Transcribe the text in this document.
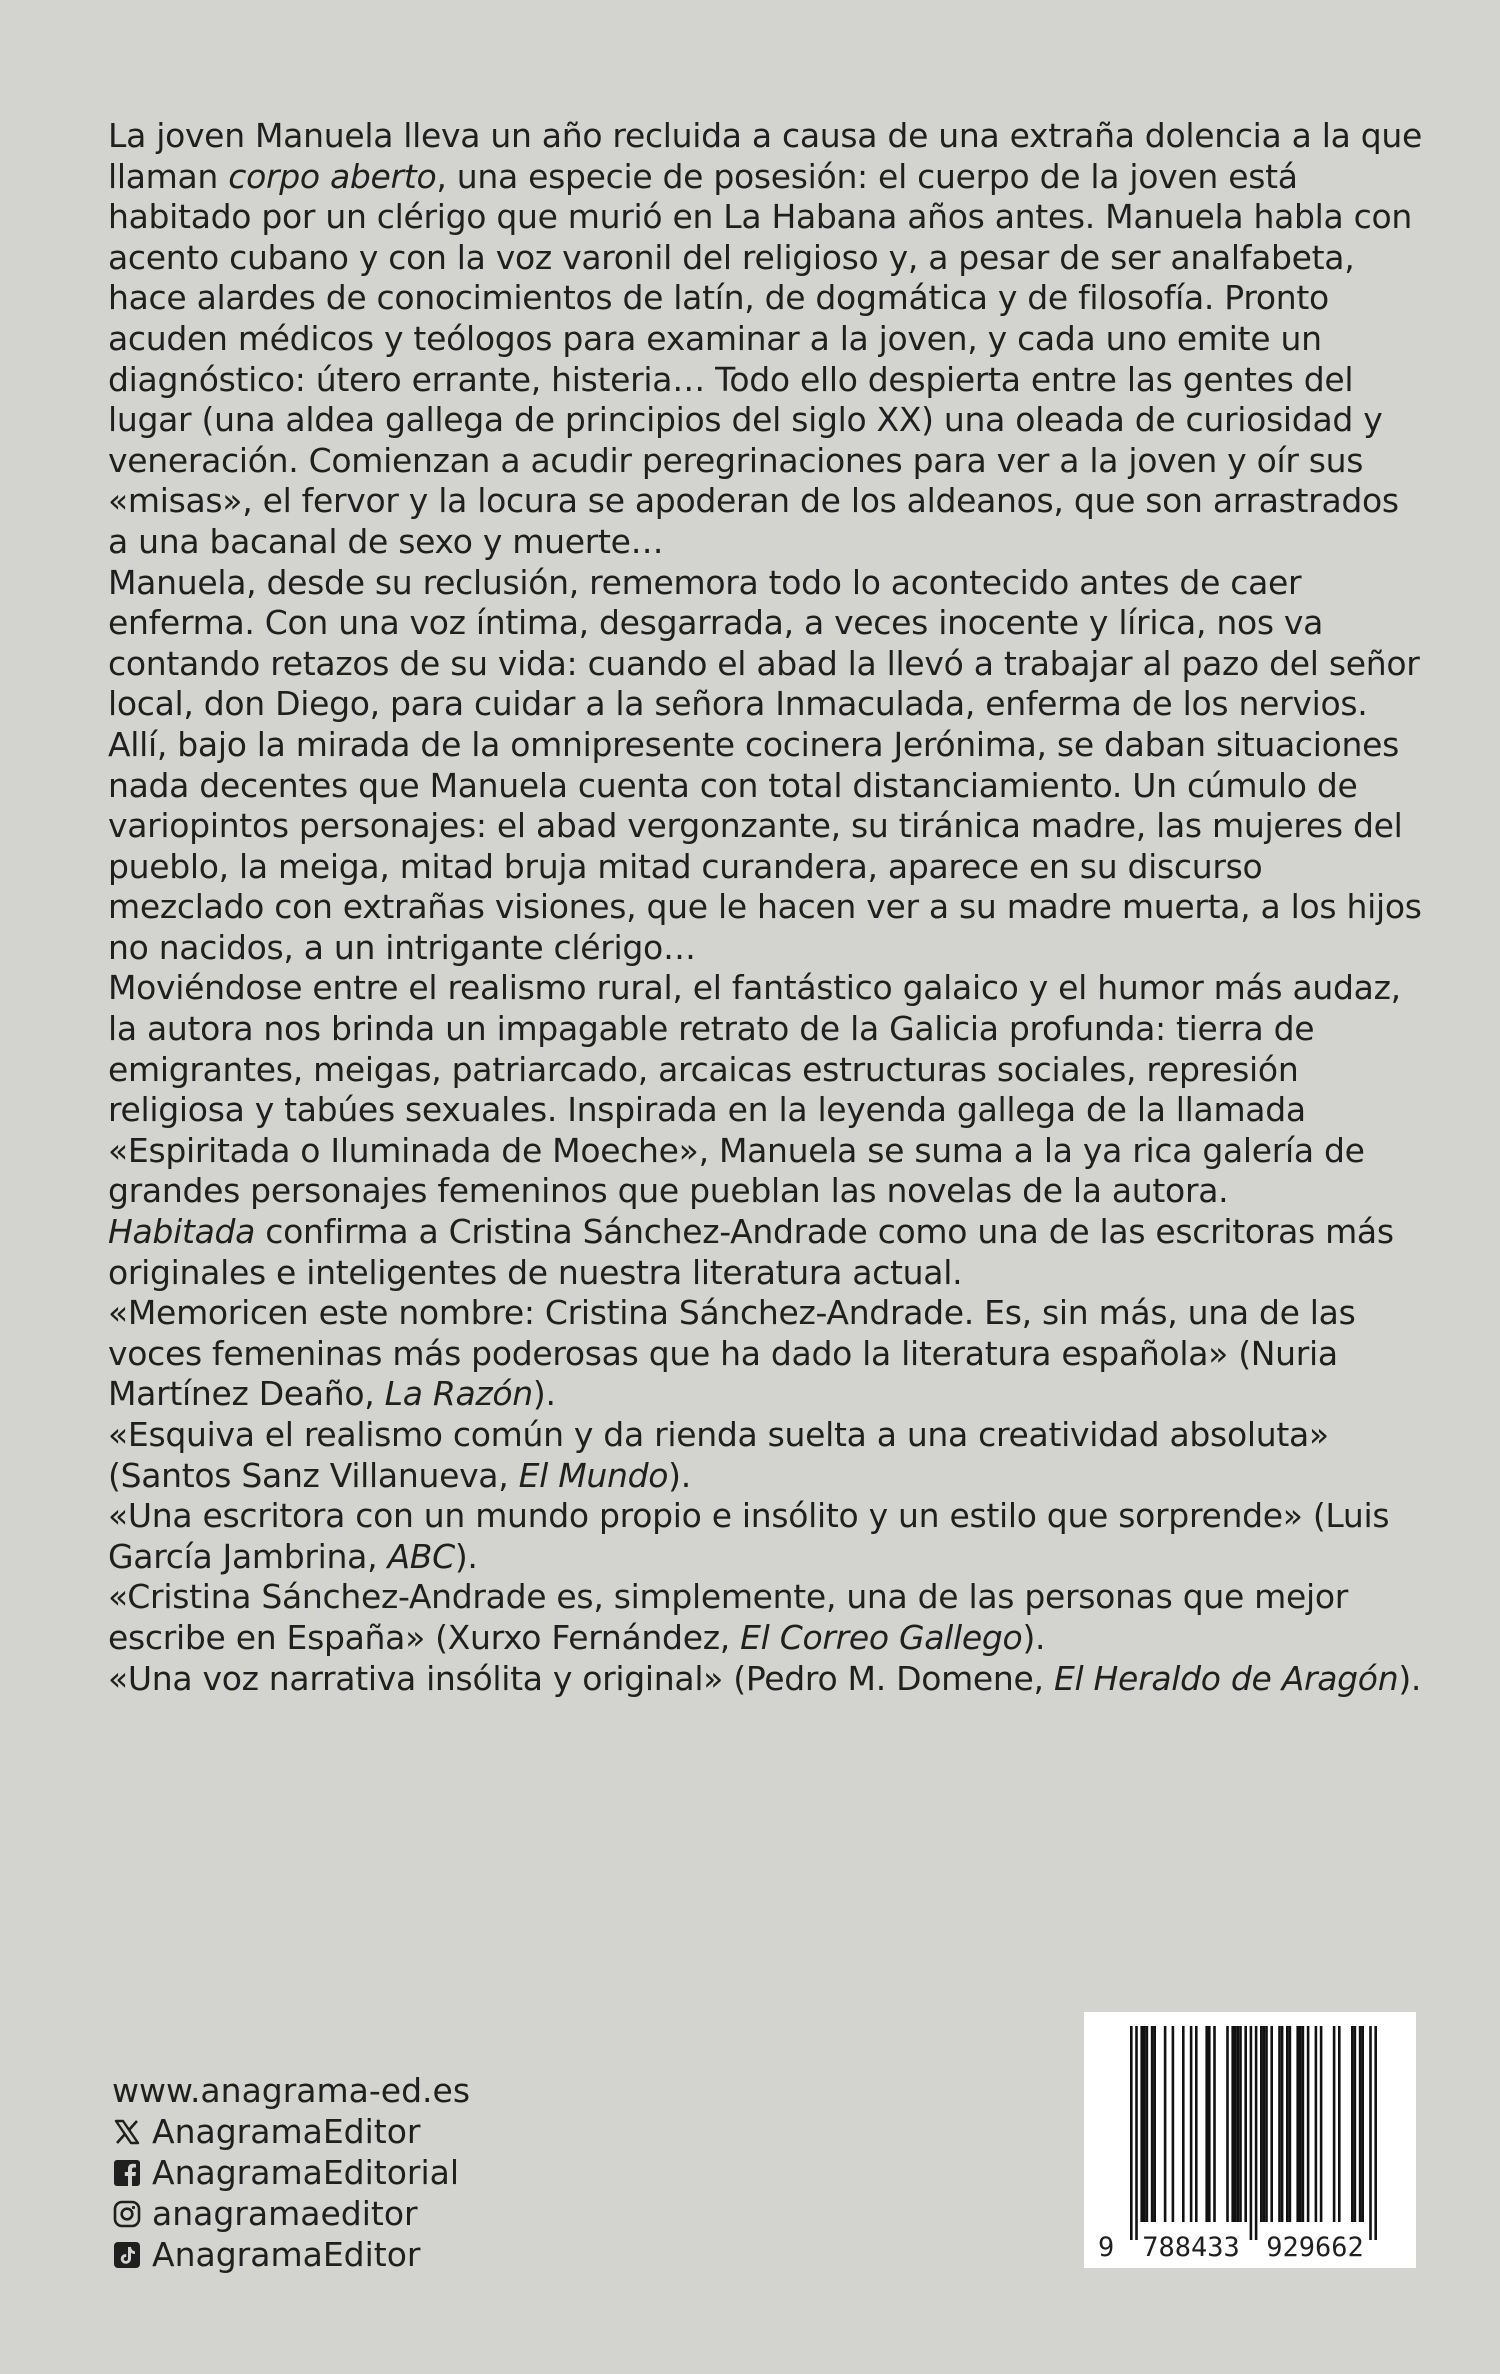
La joven Manuela lleva un año recluida a causa de una extraña dolencia a la que llaman corpo aberto, una especie de posesión: el cuerpo de la joven está habitado por un clérigo que murió en La Habana años antes. Manuela habla con acento cubano y con la voz varonil del religioso y, a pesar de ser analfabeta, hace alardes de conocimientos de latín, de dogmática y de filosofía. Pronto acuden médicos y teólogos para examinar a la joven, y cada uno emite un diagnóstico: útero errante, histeria… Todo ello despierta entre las gentes del lugar (una aldea gallega de principios del siglo XX) una oleada de curiosidad y veneración. Comienzan a acudir peregrinaciones para ver a la joven y oír sus «misas», el fervor y la locura se apoderan de los aldeanos, que son arrastrados a una bacanal de sexo y muerte…

Manuela, desde su reclusión, rememora todo lo acontecido antes de caer enferma. Con una voz íntima, desgarrada, a veces inocente y lírica, nos va contando retazos de su vida: cuando el abad la llevó a trabajar al pazo del señor local, don Diego, para cuidar a la señora Inmaculada, enferma de los nervios. Allí, bajo la mirada de la omnipresente cocinera Jerónima, se daban situaciones nada decentes que Manuela cuenta con total distanciamiento. Un cúmulo de variopintos personajes: el abad vergonzante, su tiránica madre, las mujeres del pueblo, la meiga, mitad bruja mitad curandera, aparece en su discurso mezclado con extrañas visiones, que le hacen ver a su madre muerta, a los hijos no nacidos, a un intrigante clérigo…

Moviéndose entre el realismo rural, el fantástico galaico y el humor más audaz, la autora nos brinda un impagable retrato de la Galicia profunda: tierra de emigrantes, meigas, patriarcado, arcaicas estructuras sociales, represión religiosa y tabúes sexuales. Inspirada en la leyenda gallega de la llamada «Espiritada o Iluminada de Moeche», Manuela se suma a la ya rica galería de grandes personajes femeninos que pueblan las novelas de la autora.

Habitada confirma a Cristina Sánchez-Andrade como una de las escritoras más originales e inteligentes de nuestra literatura actual.

«Memoricen este nombre: Cristina Sánchez-Andrade. Es, sin más, una de las voces femeninas más poderosas que ha dado la literatura española» (Nuria Martínez Deaño, La Razón).

«Esquiva el realismo común y da rienda suelta a una creatividad absoluta» (Santos Sanz Villanueva, El Mundo).

«Una escritora con un mundo propio e insólito y un estilo que sorprende» (Luis García Jambrina, ABC).

«Cristina Sánchez-Andrade es, simplemente, una de las personas que mejor escribe en España» (Xurxo Fernández, El Correo Gallego).

«Una voz narrativa insólita y original» (Pedro M. Domene, El Heraldo de Aragón).

www.anagrama-ed.es
AnagramaEditor
AnagramaEditorial
anagramaeditor
AnagramaEditor	9 788433 929662
